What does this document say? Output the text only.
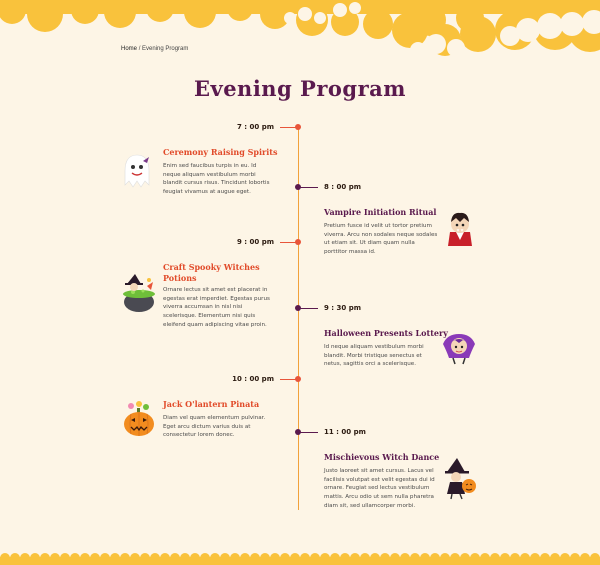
Home / Evening Program
Evening Program
7 : 00 pm
Ceremony Raising Spirits
Enim sed faucibus turpis in eu. Id
neque aliquam vestibulum morbi
blandit cursus risus. Tincidunt lobortis
feugiat vivamus at augue eget.
8 : 00 pm
Vampire Initiation Ritual
Pretium fusce id velit ut tortor pretium
viverra. Arcu non sodales neque sodales
ut etiam sit. Ut diam quam nulla
porttitor massa id.
9 : 00 pm
Craft Spooky Witches Potions
Ornare lectus sit amet est placerat in
egestas erat imperdiet. Egestas purus
viverra accumsan in nisl nisi
scelerisque. Elementum nisi quis
eleifend quam adipiscing vitae proin.
9 : 30 pm
Halloween Presents Lottery
Id neque aliquam vestibulum morbi
blandit. Morbi tristique senectus et
netus, sagittis orci a scelerisque.
10 : 00 pm
Jack O'lantern Pinata
Diam vel quam elementum pulvinar.
Eget arcu dictum varius duis at
consectetur lorem donec.	11 : 00 pm
Mischievous Witch Dance
Justo laoreet sit amet cursus. Lacus vel
facilisis volutpat est velit egestas dui id
ornare. Feugiat sed lectus vestibulum
mattis. Arcu odio ut sem nulla pharetra
diam sit, sed ullamcorper morbi.
